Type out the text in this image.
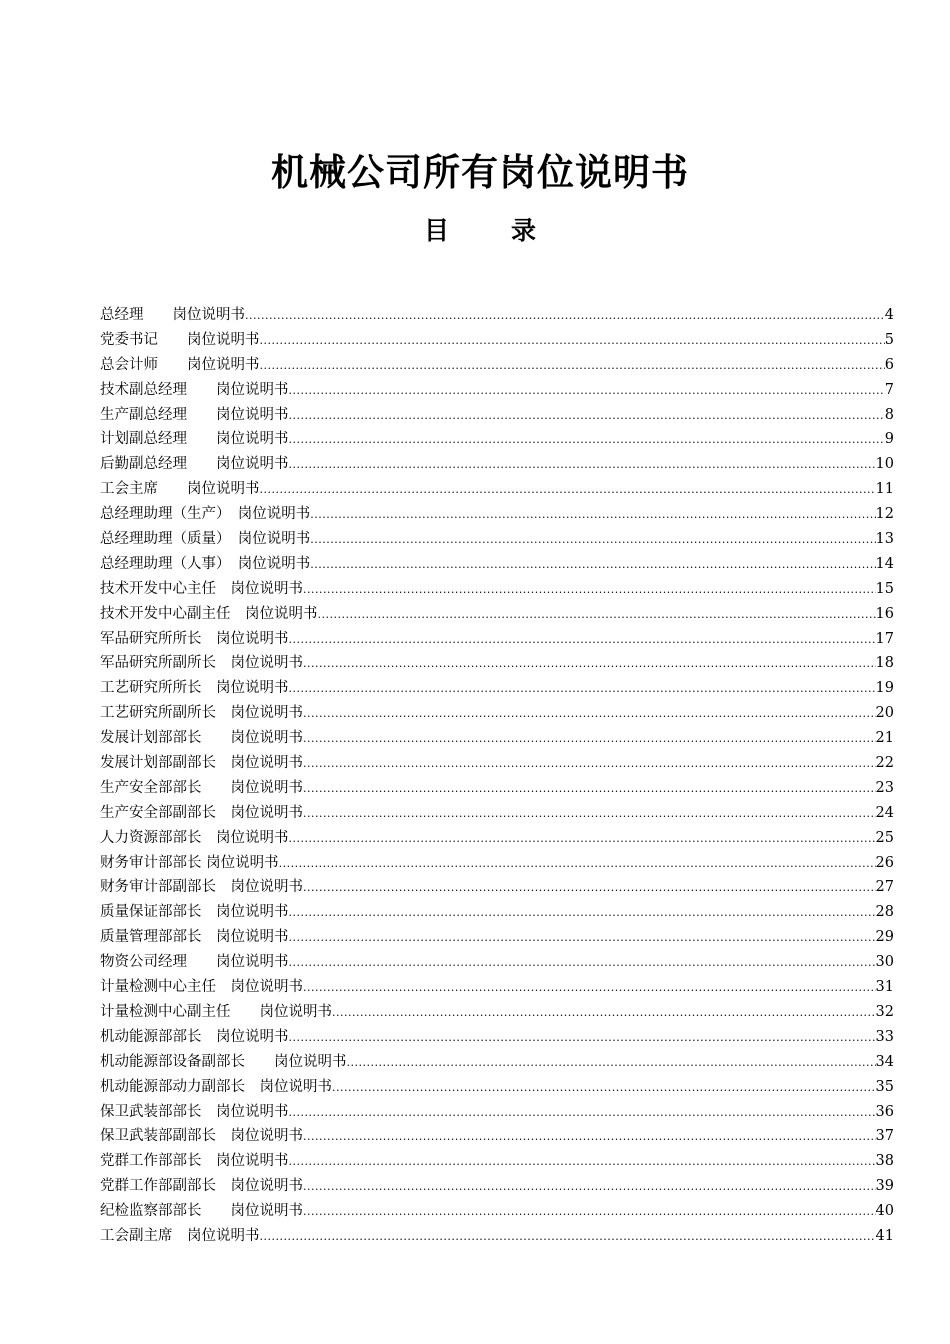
机械公司所有岗位说明书
目录
总经理　　岗位说明书 .....	4
党委书记　　岗位说明书 .....	5
总会计师　　岗位说明书 .....	6
技术副总经理　　岗位说明书 .....	7
生产副总经理　　岗位说明书 .....	8
计划副总经理　　岗位说明书 .....	9
后勤副总经理　　岗位说明书 .....	10
工会主席　　岗位说明书 .....	11
总经理助理（生产）　岗位说明书 .....	12
总经理助理（质量）　岗位说明书 .....	13
总经理助理（人事）　岗位说明书 .....	14
技术开发中心主任　岗位说明书 .....	15
技术开发中心副主任　岗位说明书 .....	16
军品研究所所长　岗位说明书 .....	17
军品研究所副所长　岗位说明书 .....	18
工艺研究所所长　岗位说明书 .....	19
工艺研究所副所长　岗位说明书 .....	20
发展计划部部长　　岗位说明书 .....	21
发展计划部副部长　岗位说明书 .....	22
生产安全部部长　　岗位说明书 .....	23
生产安全部副部长　岗位说明书 .....	24
人力资源部部长　岗位说明书 .....	25
财务审计部部长 岗位说明书 .....	26
财务审计部副部长　岗位说明书 .....	27
质量保证部部长　岗位说明书 .....	28
质量管理部部长　岗位说明书 .....	29
物资公司经理　　岗位说明书 .....	30
计量检测中心主任　岗位说明书 .....	31
计量检测中心副主任　　岗位说明书 .....	32
机动能源部部长　岗位说明书 .....	33
机动能源部设备副部长　　岗位说明书 .....	34
机动能源部动力副部长　岗位说明书 .....	35
保卫武装部部长　岗位说明书 .....	36
保卫武装部副部长　岗位说明书 .....	37
党群工作部部长　岗位说明书 .....	38
党群工作部副部长　岗位说明书 .....	39
纪检监察部部长　　岗位说明书 .....	40
工会副主席　岗位说明书 .....	41
